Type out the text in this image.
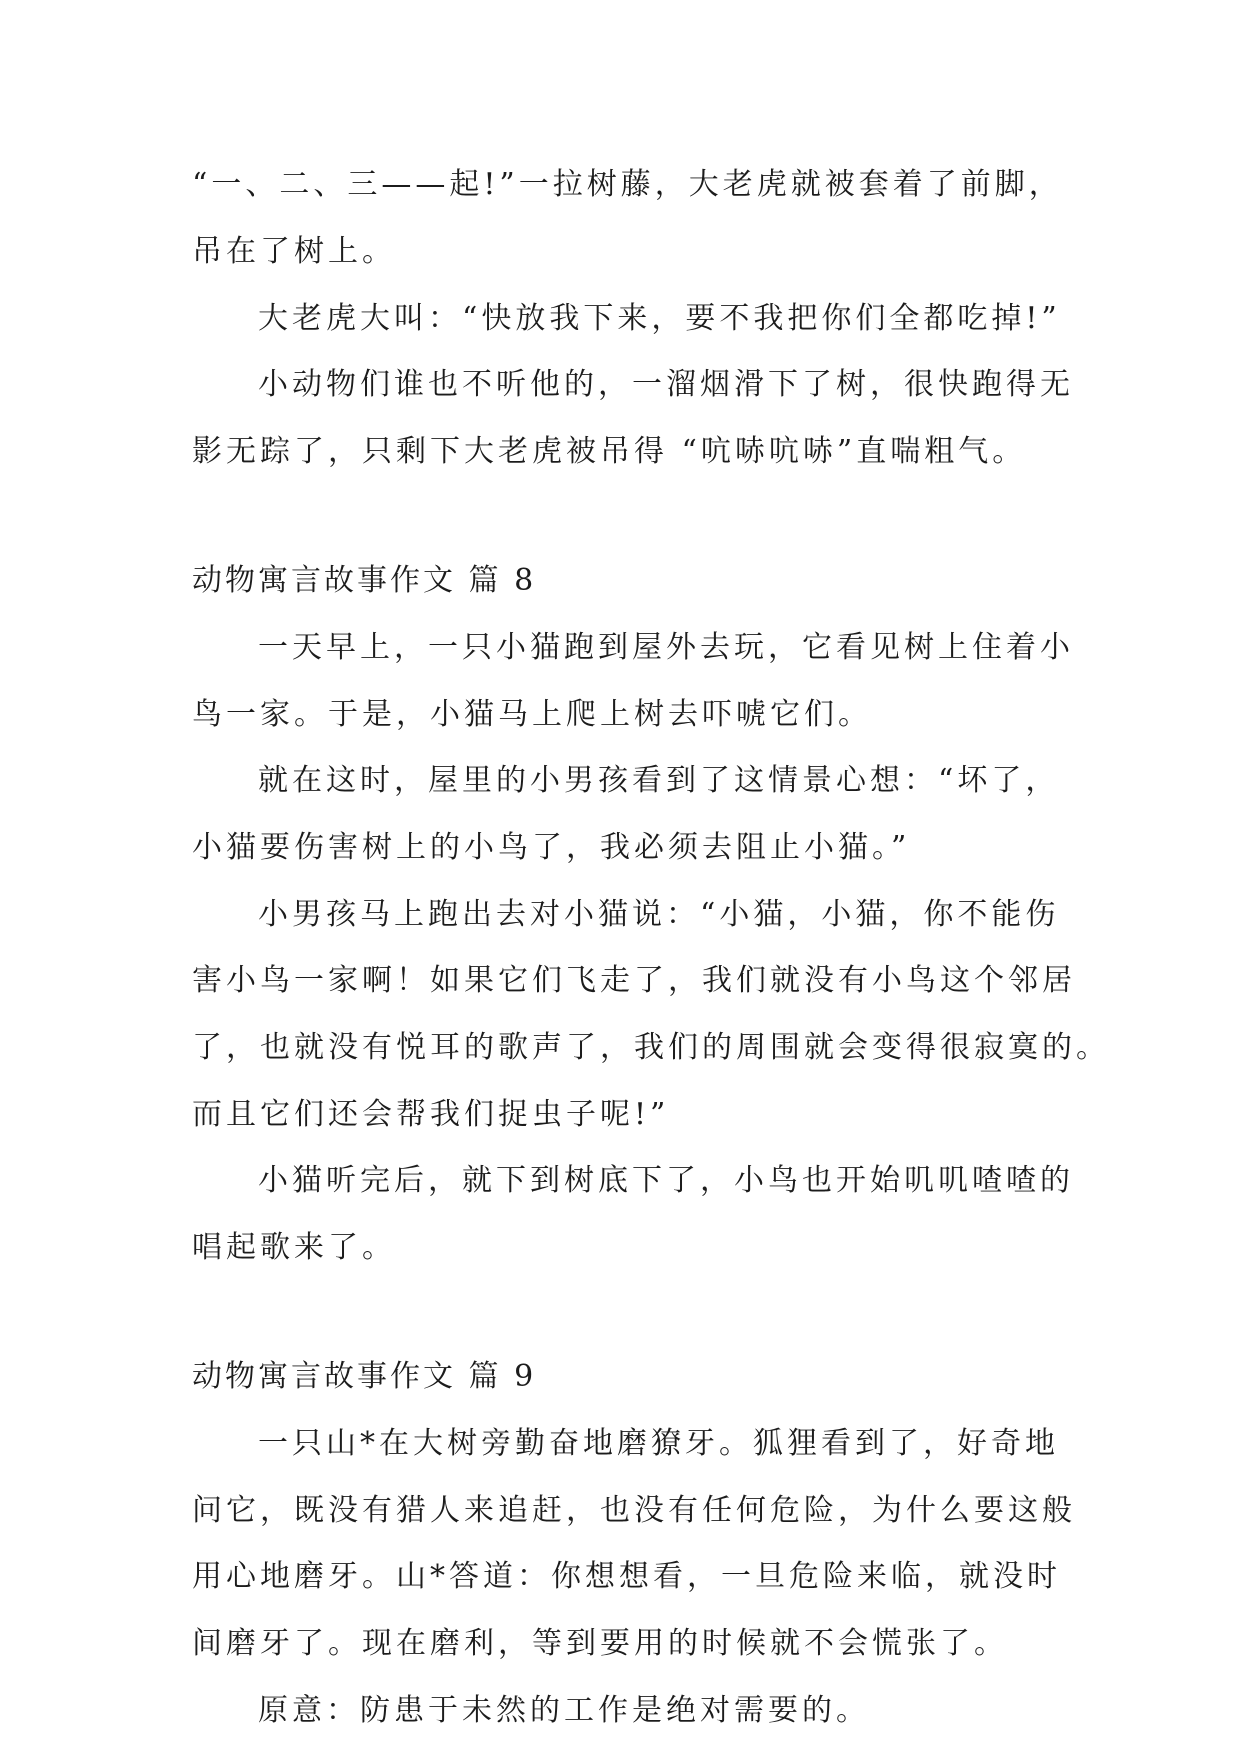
“一、二、三——起!”一拉树藤，大老虎就被套着了前脚，
吊在了树上。
大老虎大叫：“快放我下来，要不我把你们全都吃掉!”
小动物们谁也不听他的，一溜烟滑下了树，很快跑得无
影无踪了，只剩下大老虎被吊得 “吭哧吭哧”直喘粗气。
动物寓言故事作文 篇 8
一天早上，一只小猫跑到屋外去玩，它看见树上住着小
鸟一家。于是，小猫马上爬上树去吓唬它们。
就在这时，屋里的小男孩看到了这情景心想：“坏了，
小猫要伤害树上的小鸟了，我必须去阻止小猫。”
小男孩马上跑出去对小猫说：“小猫，小猫，你不能伤
害小鸟一家啊！如果它们飞走了，我们就没有小鸟这个邻居
了，也就没有悦耳的歌声了，我们的周围就会变得很寂寞的。
而且它们还会帮我们捉虫子呢!”
小猫听完后，就下到树底下了，小鸟也开始叽叽喳喳的
唱起歌来了。
动物寓言故事作文 篇 9
一只山*在大树旁勤奋地磨獠牙。狐狸看到了，好奇地
问它，既没有猎人来追赶，也没有任何危险，为什么要这般
用心地磨牙。山*答道：你想想看，一旦危险来临，就没时
间磨牙了。现在磨利，等到要用的时候就不会慌张了。
原意：防患于未然的工作是绝对需要的。
